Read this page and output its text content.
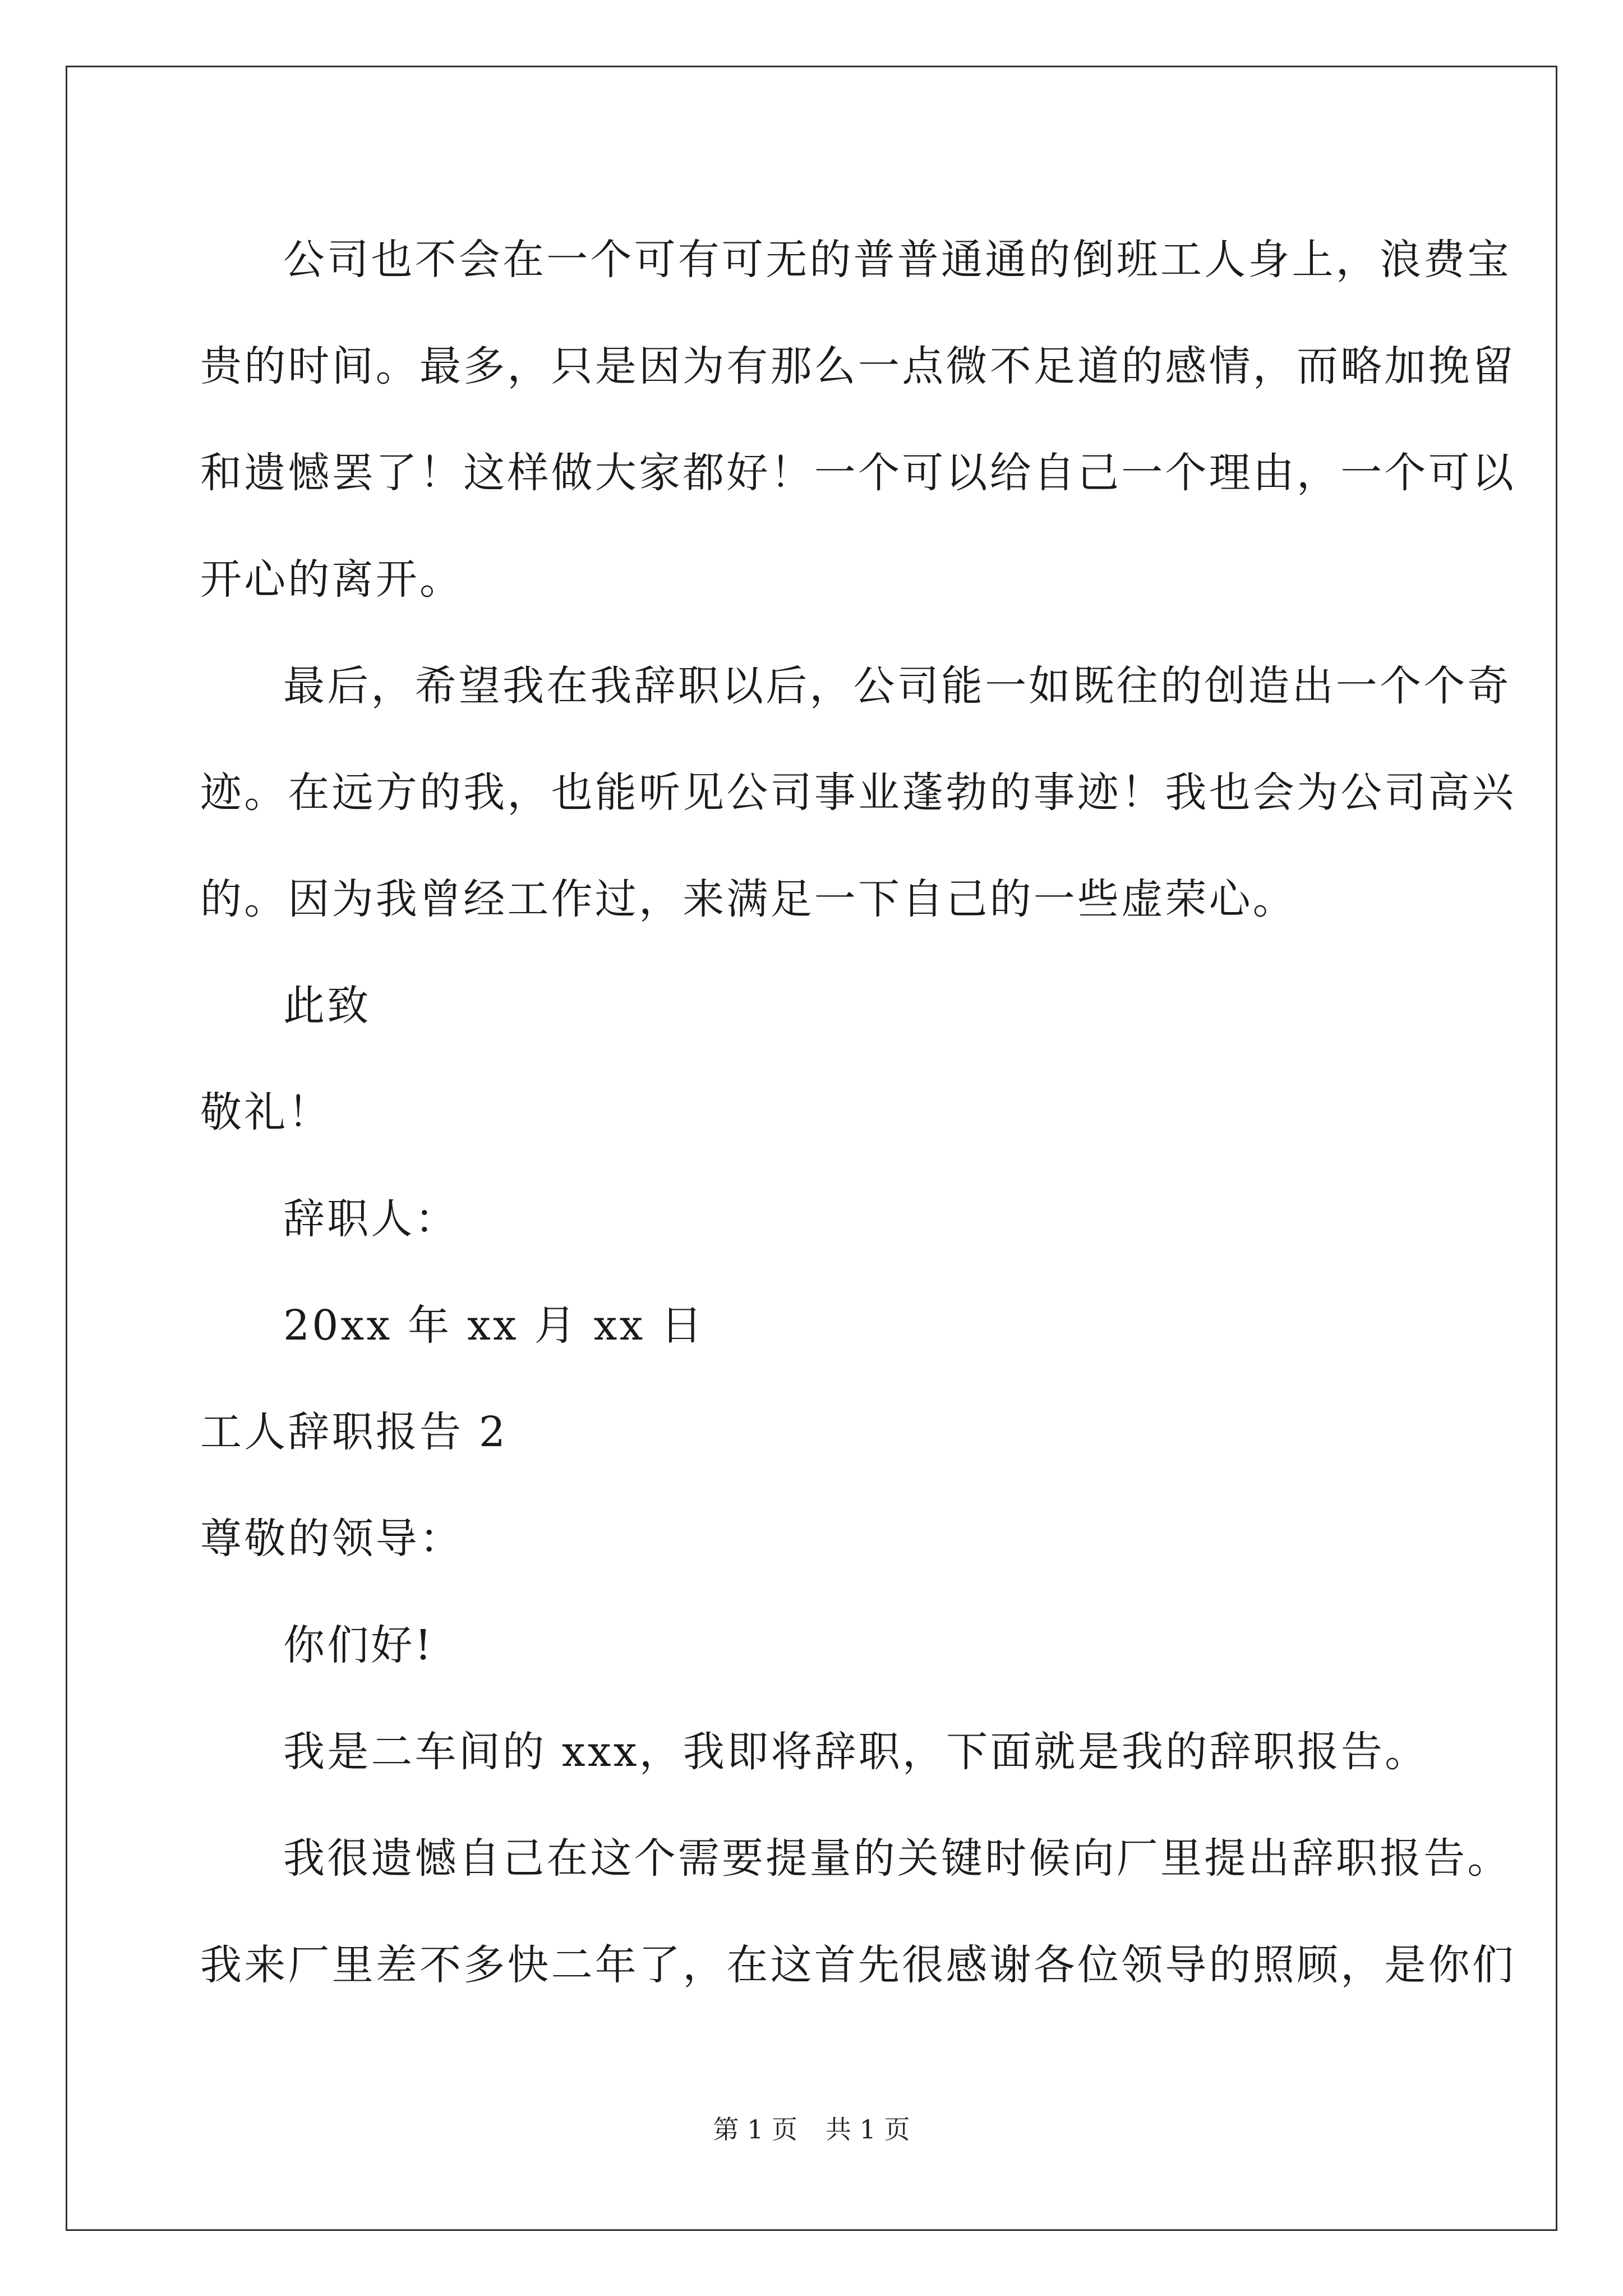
公司也不会在一个可有可无的普普通通的倒班工人身上，浪费宝
贵的时间。最多，只是因为有那么一点微不足道的感情，而略加挽留
和遗憾罢了！这样做大家都好！一个可以给自己一个理由，一个可以
开心的离开。
最后，希望我在我辞职以后，公司能一如既往的创造出一个个奇
迹。在远方的我，也能听见公司事业蓬勃的事迹！我也会为公司高兴
的。因为我曾经工作过，来满足一下自己的一些虚荣心。
此致
敬礼！
辞职人：
20xx 年 xx 月 xx 日
工人辞职报告 2
尊敬的领导：
你们好!
我是二车间的 xxx，我即将辞职，下面就是我的辞职报告。
我很遗憾自己在这个需要提量的关键时候向厂里提出辞职报告。
我来厂里差不多快二年了，在这首先很感谢各位领导的照顾，是你们
第 1 页 共 1 页
